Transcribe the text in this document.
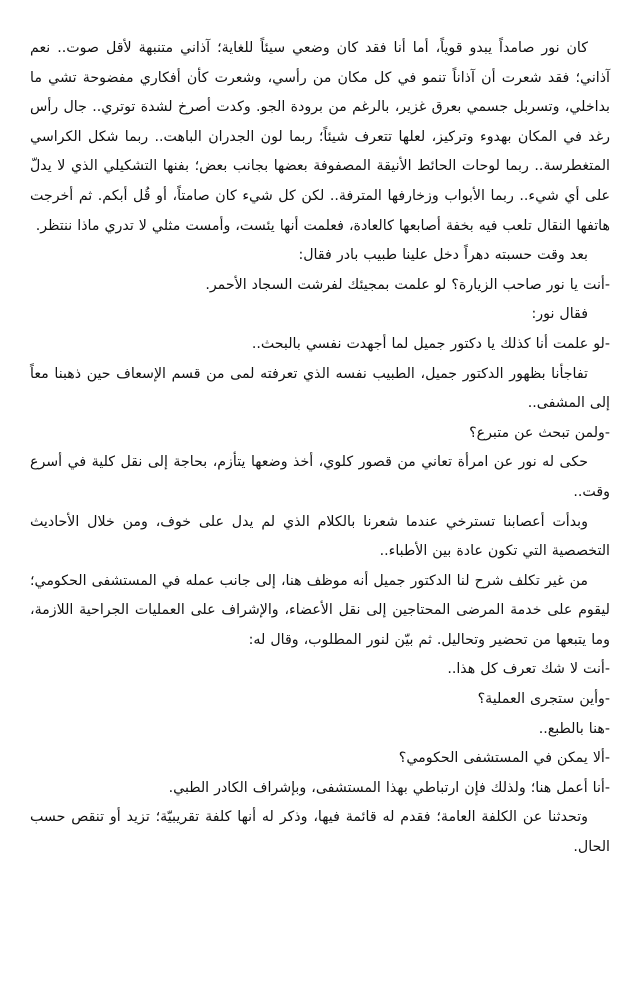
كان نور صامداً يبدو قوياً، أما أنا فقد كان وضعي سيئاً للغاية؛ آذاني متنبهة لأقل صوت.. نعم آذاني؛ فقد شعرت أن آذاناً تنمو في كل مكان من رأسي، وشعرت كأن أفكاري مفضوحة تشي ما بداخلي، وتسربل جسمي بعرق غزير، بالرغم من برودة الجو. وكدت أصرخ لشدة توتري.. جال رأس رغد في المكان بهدوء وتركيز، لعلها تتعرف شيئاً؛ ربما لون الجدران الباهت.. ربما شكل الكراسي المتغطرسة.. ربما لوحات الحائط الأنيقة المصفوفة بعضها بجانب بعض؛ بفنها التشكيلي الذي لا يدلّ على أي شيء.. ربما الأبواب وزخارفها المترفة.. لكن كل شيء كان صامتاً، أو قُل أبكم. ثم أخرجت هاتفها النقال تلعب فيه بخفة أصابعها كالعادة، فعلمت أنها يئست، وأمست مثلي لا تدري ماذا ننتظر.

بعد وقت حسبته دهراً دخل علينا طبيب بادر فقال:

-أنت يا نور صاحب الزيارة؟ لو علمت بمجيئك لفرشت السجاد الأحمر.

فقال نور:

-لو علمت أنا كذلك يا دكتور جميل لما أجهدت نفسي بالبحث..

تفاجأنا بظهور الدكتور جميل، الطبيب نفسه الذي تعرفته لمى من قسم الإسعاف حين ذهبنا معاً إلى المشفى..

-ولمن تبحث عن متبرع؟

حكى له نور عن امرأة تعاني من قصور كلوي، أخذ وضعها يتأزم، بحاجة إلى نقل كلية في أسرع وقت..

وبدأت أعصابنا تسترخي عندما شعرنا بالكلام الذي لم يدل على خوف، ومن خلال الأحاديث التخصصية التي تكون عادة بين الأطباء..

من غير تكلف شرح لنا الدكتور جميل أنه موظف هنا، إلى جانب عمله في المستشفى الحكومي؛ ليقوم على خدمة المرضى المحتاجين إلى نقل الأعضاء، والإشراف على العمليات الجراحية اللازمة، وما يتبعها من تحضير وتحاليل. ثم بيّن لنور المطلوب، وقال له:

-أنت لا شك تعرف كل هذا..

-وأين ستجرى العملية؟

-هنا بالطبع..

-ألا يمكن في المستشفى الحكومي؟

-أنا أعمل هنا؛ ولذلك فإن ارتباطي بهذا المستشفى، وبإشراف الكادر الطبي.

وتحدثنا عن الكلفة العامة؛ فقدم له قائمة فيها، وذكر له أنها كلفة تقريبيّة؛ تزيد أو تنقص حسب الحال.
